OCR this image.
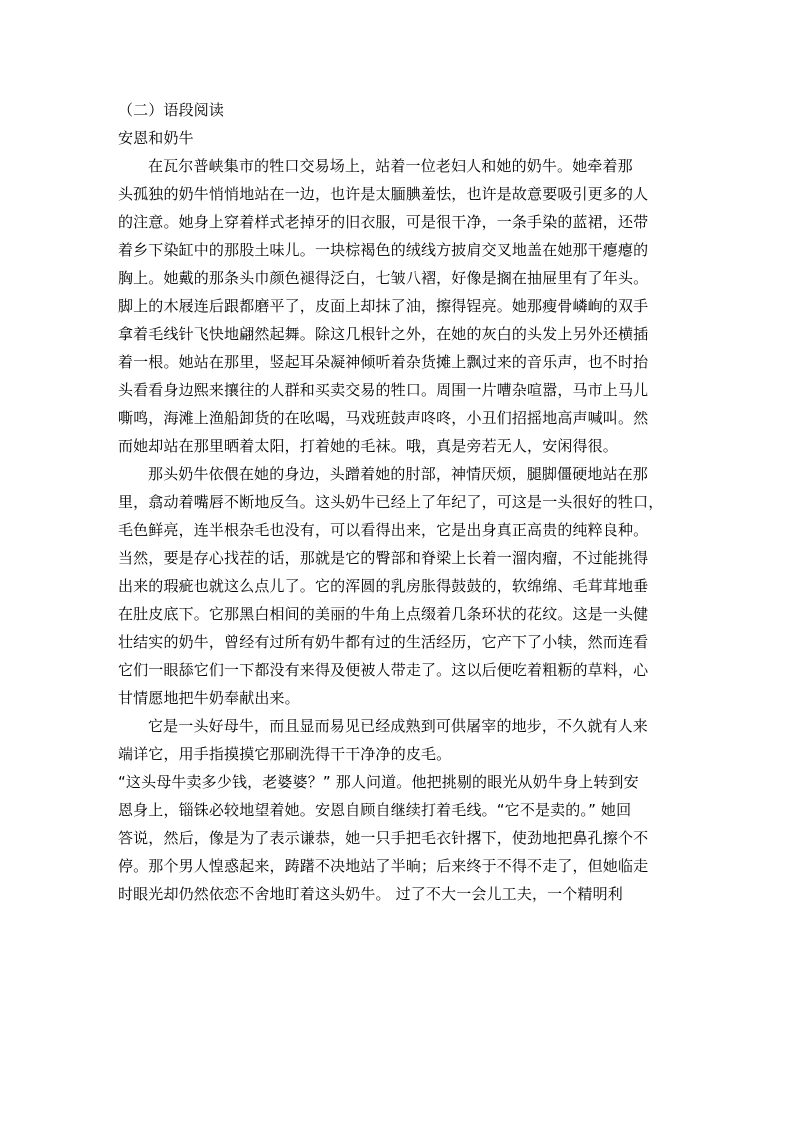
（二）语段阅读
安恩和奶牛
在瓦尔普峡集市的牲口交易场上，站着一位老妇人和她的奶牛。她牵着那
头孤独的奶牛悄悄地站在一边，也许是太腼腆羞怯，也许是故意要吸引更多的人
的注意。她身上穿着样式老掉牙的旧衣服，可是很干净，一条手染的蓝裙，还带
着乡下染缸中的那股土味儿。一块棕褐色的绒线方披肩交叉地盖在她那干瘪瘪的
胸上。她戴的那条头巾颜色褪得泛白，七皱八褶，好像是搁在抽屉里有了年头。
脚上的木屐连后跟都磨平了，皮面上却抹了油，擦得锃亮。她那瘦骨嶙峋的双手
拿着毛线针飞快地翩然起舞。除这几根针之外，在她的灰白的头发上另外还横插
着一根。她站在那里，竖起耳朵凝神倾听着杂货摊上飘过来的音乐声，也不时抬
头看看身边熙来攘往的人群和买卖交易的牲口。周围一片嘈杂喧嚣，马市上马儿
嘶鸣，海滩上渔船卸货的在吆喝，马戏班鼓声咚咚，小丑们招摇地高声喊叫。然
而她却站在那里晒着太阳，打着她的毛袜。哦，真是旁若无人，安闲得很。
那头奶牛依偎在她的身边，头蹭着她的肘部，神情厌烦，腿脚僵硬地站在那
里，翕动着嘴唇不断地反刍。这头奶牛已经上了年纪了，可这是一头很好的牲口，
毛色鲜亮，连半根杂毛也没有，可以看得出来，它是出身真正高贵的纯粹良种。
当然，要是存心找茬的话，那就是它的臀部和脊梁上长着一溜肉瘤，不过能挑得
出来的瑕疵也就这么点儿了。它的浑圆的乳房胀得鼓鼓的，软绵绵、毛茸茸地垂
在肚皮底下。它那黑白相间的美丽的牛角上点缀着几条环状的花纹。这是一头健
壮结实的奶牛，曾经有过所有奶牛都有过的生活经历，它产下了小犊，然而连看
它们一眼舔它们一下都没有来得及便被人带走了。这以后便吃着粗粝的草料，心
甘情愿地把牛奶奉献出来。
它是一头好母牛，而且显而易见已经成熟到可供屠宰的地步，不久就有人来
端详它，用手指摸摸它那刷洗得干干净净的皮毛。
“这头母牛卖多少钱，老婆婆？” 那人问道。他把挑剔的眼光从奶牛身上转到安
恩身上，锱铢必较地望着她。安恩自顾自继续打着毛线。“它不是卖的。” 她回
答说，然后，像是为了表示谦恭，她一只手把毛衣针撂下，使劲地把鼻孔擦个不
停。那个男人惶惑起来，踌躇不决地站了半晌；后来终于不得不走了，但她临走
时眼光却仍然依恋不舍地盯着这头奶牛。 过了不大一会儿工夫，一个精明利
